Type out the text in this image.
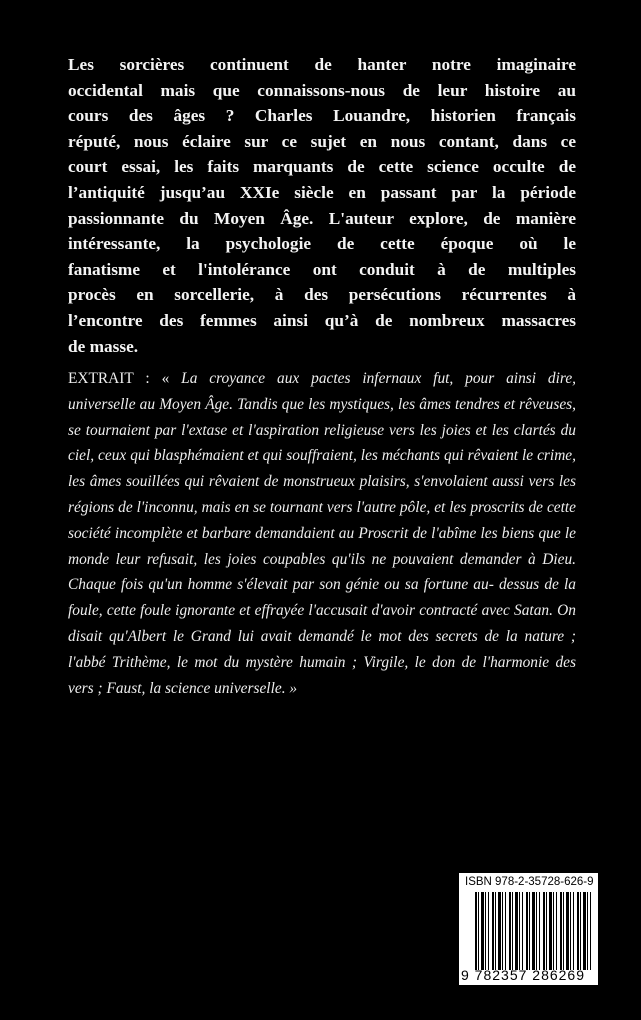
Les sorcières continuent de hanter notre imaginaire
occidental mais que connaissons-nous de leur histoire au
cours des âges ? Charles Louandre, historien français
réputé, nous éclaire sur ce sujet en nous contant, dans ce
court essai, les faits marquants de cette science occulte de
l’antiquité jusqu’au XXIe siècle en passant par la période
passionnante du Moyen Âge. L'auteur explore, de manière
intéressante, la psychologie de cette époque où le
fanatisme et l'intolérance ont conduit à de multiples
procès en sorcellerie, à des persécutions récurrentes à
l’encontre des femmes ainsi qu’à de nombreux massacres
de masse.
EXTRAIT : « La croyance aux pactes infernaux fut, pour ainsi dire,
universelle au Moyen Âge. Tandis que les mystiques, les âmes tendres et rêveuses,
se tournaient par l'extase et l'aspiration religieuse vers les joies et les clartés du
ciel, ceux qui blasphémaient et qui souffraient, les méchants qui rêvaient le crime,
les âmes souillées qui rêvaient de monstrueux plaisirs, s'envolaient aussi vers les
régions de l'inconnu, mais en se tournant vers l'autre pôle, et les proscrits de cette
société incomplète et barbare demandaient au Proscrit de l'abîme les biens que le
monde leur refusait, les joies coupables qu'ils ne pouvaient demander à Dieu.
Chaque fois qu'un homme s'élevait par son génie ou sa fortune au- dessus de la
foule, cette foule ignorante et effrayée l'accusait d'avoir contracté avec Satan. On
disait qu'Albert le Grand lui avait demandé le mot des secrets de la nature ;
l'abbé Trithème, le mot du mystère humain ; Virgile, le don de l'harmonie des
vers ; Faust, la science universelle. »
ISBN 978-2-35728-626-9
9 782357 286269
